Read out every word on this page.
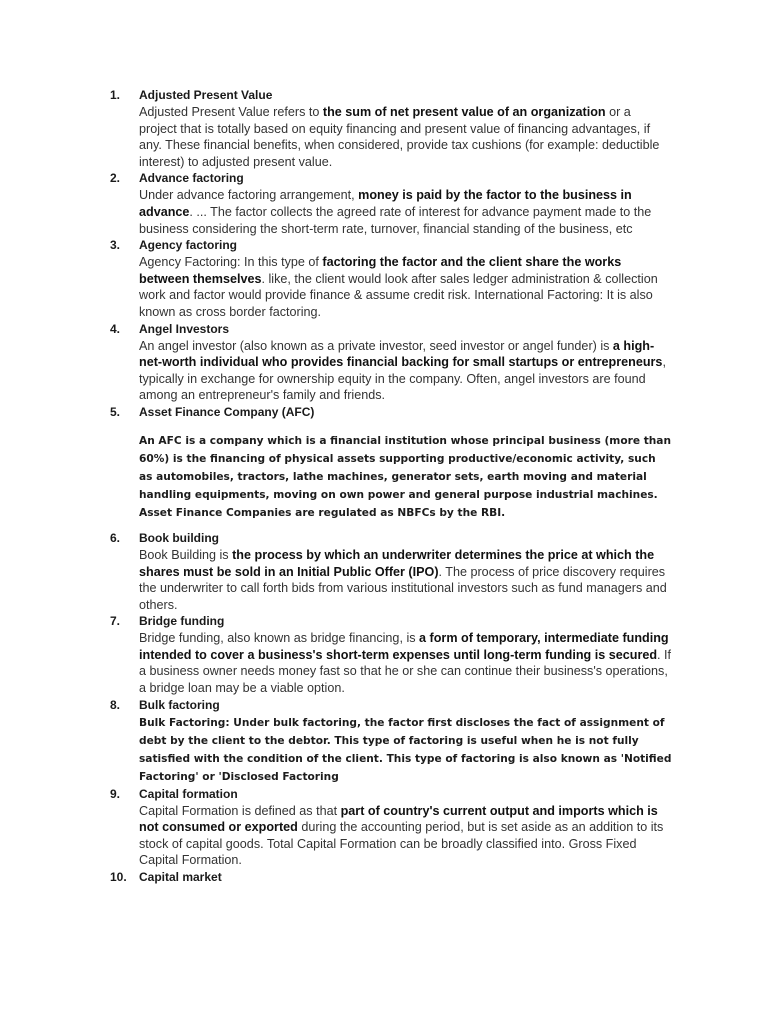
1.	Adjusted Present Value
Adjusted Present Value refers to the sum of net present value of an organization or a project that is totally based on equity financing and present value of financing advantages, if any. These financial benefits, when considered, provide tax cushions (for example: deductible interest) to adjusted present value.
2.	Advance factoring
Under advance factoring arrangement, money is paid by the factor to the business in advance. ... The factor collects the agreed rate of interest for advance payment made to the business considering the short-term rate, turnover, financial standing of the business, etc
3.	Agency factoring
Agency Factoring: In this type of factoring the factor and the client share the works between themselves. like, the client would look after sales ledger administration & collection work and factor would provide finance & assume credit risk. International Factoring: It is also known as cross border factoring.
4.	Angel Investors
An angel investor (also known as a private investor, seed investor or angel funder) is a high-net-worth individual who provides financial backing for small startups or entrepreneurs, typically in exchange for ownership equity in the company. Often, angel investors are found among an entrepreneur's family and friends.
5.	Asset Finance Company (AFC)
An AFC is a company which is a financial institution whose principal business (more than 60%) is the financing of physical assets supporting productive/economic activity, such as automobiles, tractors, lathe machines, generator sets, earth moving and material handling equipments, moving on own power and general purpose industrial machines. Asset Finance Companies are regulated as NBFCs by the RBI.
6.	Book building
Book Building is the process by which an underwriter determines the price at which the shares must be sold in an Initial Public Offer (IPO). The process of price discovery requires the underwriter to call forth bids from various institutional investors such as fund managers and others.
7.	Bridge funding
Bridge funding, also known as bridge financing, is a form of temporary, intermediate funding intended to cover a business's short-term expenses until long-term funding is secured. If a business owner needs money fast so that he or she can continue their business's operations, a bridge loan may be a viable option.
8.	Bulk factoring
Bulk Factoring: Under bulk factoring, the factor first discloses the fact of assignment of debt by the client to the debtor. This type of factoring is useful when he is not fully satisfied with the condition of the client. This type of factoring is also known as 'Notified Factoring' or 'Disclosed Factoring
9.	Capital formation
Capital Formation is defined as that part of country's current output and imports which is not consumed or exported during the accounting period, but is set aside as an addition to its stock of capital goods. Total Capital Formation can be broadly classified into. Gross Fixed Capital Formation.
10.	Capital market
